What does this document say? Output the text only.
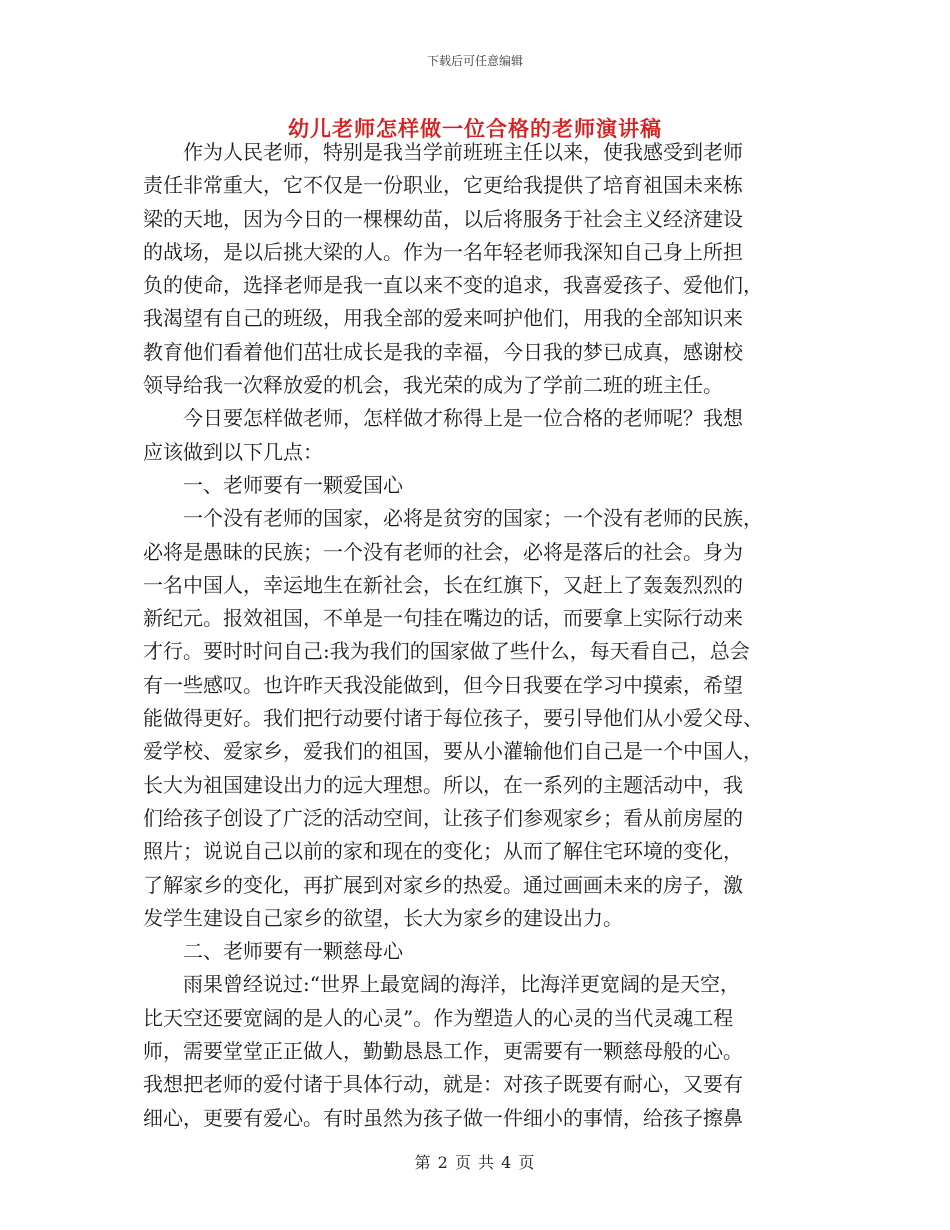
下载后可任意编辑
幼儿老师怎样做一位合格的老师演讲稿

作为人民老师，特别是我当学前班班主任以来，使我感受到老师
责任非常重大，它不仅是一份职业，它更给我提供了培育祖国未来栋
梁的天地，因为今日的一棵棵幼苗，以后将服务于社会主义经济建设
的战场，是以后挑大梁的人。作为一名年轻老师我深知自己身上所担
负的使命，选择老师是我一直以来不变的追求，我喜爱孩子、爱他们，
我渴望有自己的班级，用我全部的爱来呵护他们，用我的全部知识来
教育他们看着他们茁壮成长是我的幸福，今日我的梦已成真，感谢校
领导给我一次释放爱的机会，我光荣的成为了学前二班的班主任。

今日要怎样做老师，怎样做才称得上是一位合格的老师呢？我想
应该做到以下几点：

一、老师要有一颗爱国心

一个没有老师的国家，必将是贫穷的国家；一个没有老师的民族，
必将是愚昧的民族；一个没有老师的社会，必将是落后的社会。身为
一名中国人，幸运地生在新社会，长在红旗下，又赶上了轰轰烈烈的
新纪元。报效祖国，不单是一句挂在嘴边的话，而要拿上实际行动来
才行。要时时问自己:我为我们的国家做了些什么，每天看自己，总会
有一些感叹。也许昨天我没能做到，但今日我要在学习中摸索，希望
能做得更好。我们把行动要付诸于每位孩子，要引导他们从小爱父母、
爱学校、爱家乡，爱我们的祖国，要从小灌输他们自己是一个中国人，
长大为祖国建设出力的远大理想。所以，在一系列的主题活动中，我
们给孩子创设了广泛的活动空间，让孩子们参观家乡；看从前房屋的
照片；说说自己以前的家和现在的变化；从而了解住宅环境的变化，
了解家乡的变化，再扩展到对家乡的热爱。通过画画未来的房子，激
发学生建设自己家乡的欲望，长大为家乡的建设出力。

二、老师要有一颗慈母心

雨果曾经说过:“世界上最宽阔的海洋，比海洋更宽阔的是天空，
比天空还要宽阔的是人的心灵”。作为塑造人的心灵的当代灵魂工程
师，需要堂堂正正做人，勤勤恳恳工作，更需要有一颗慈母般的心。
我想把老师的爱付诸于具体行动，就是：对孩子既要有耐心，又要有
细心，更要有爱心。有时虽然为孩子做一件细小的事情，给孩子擦鼻

第 2 页 共 4 页
